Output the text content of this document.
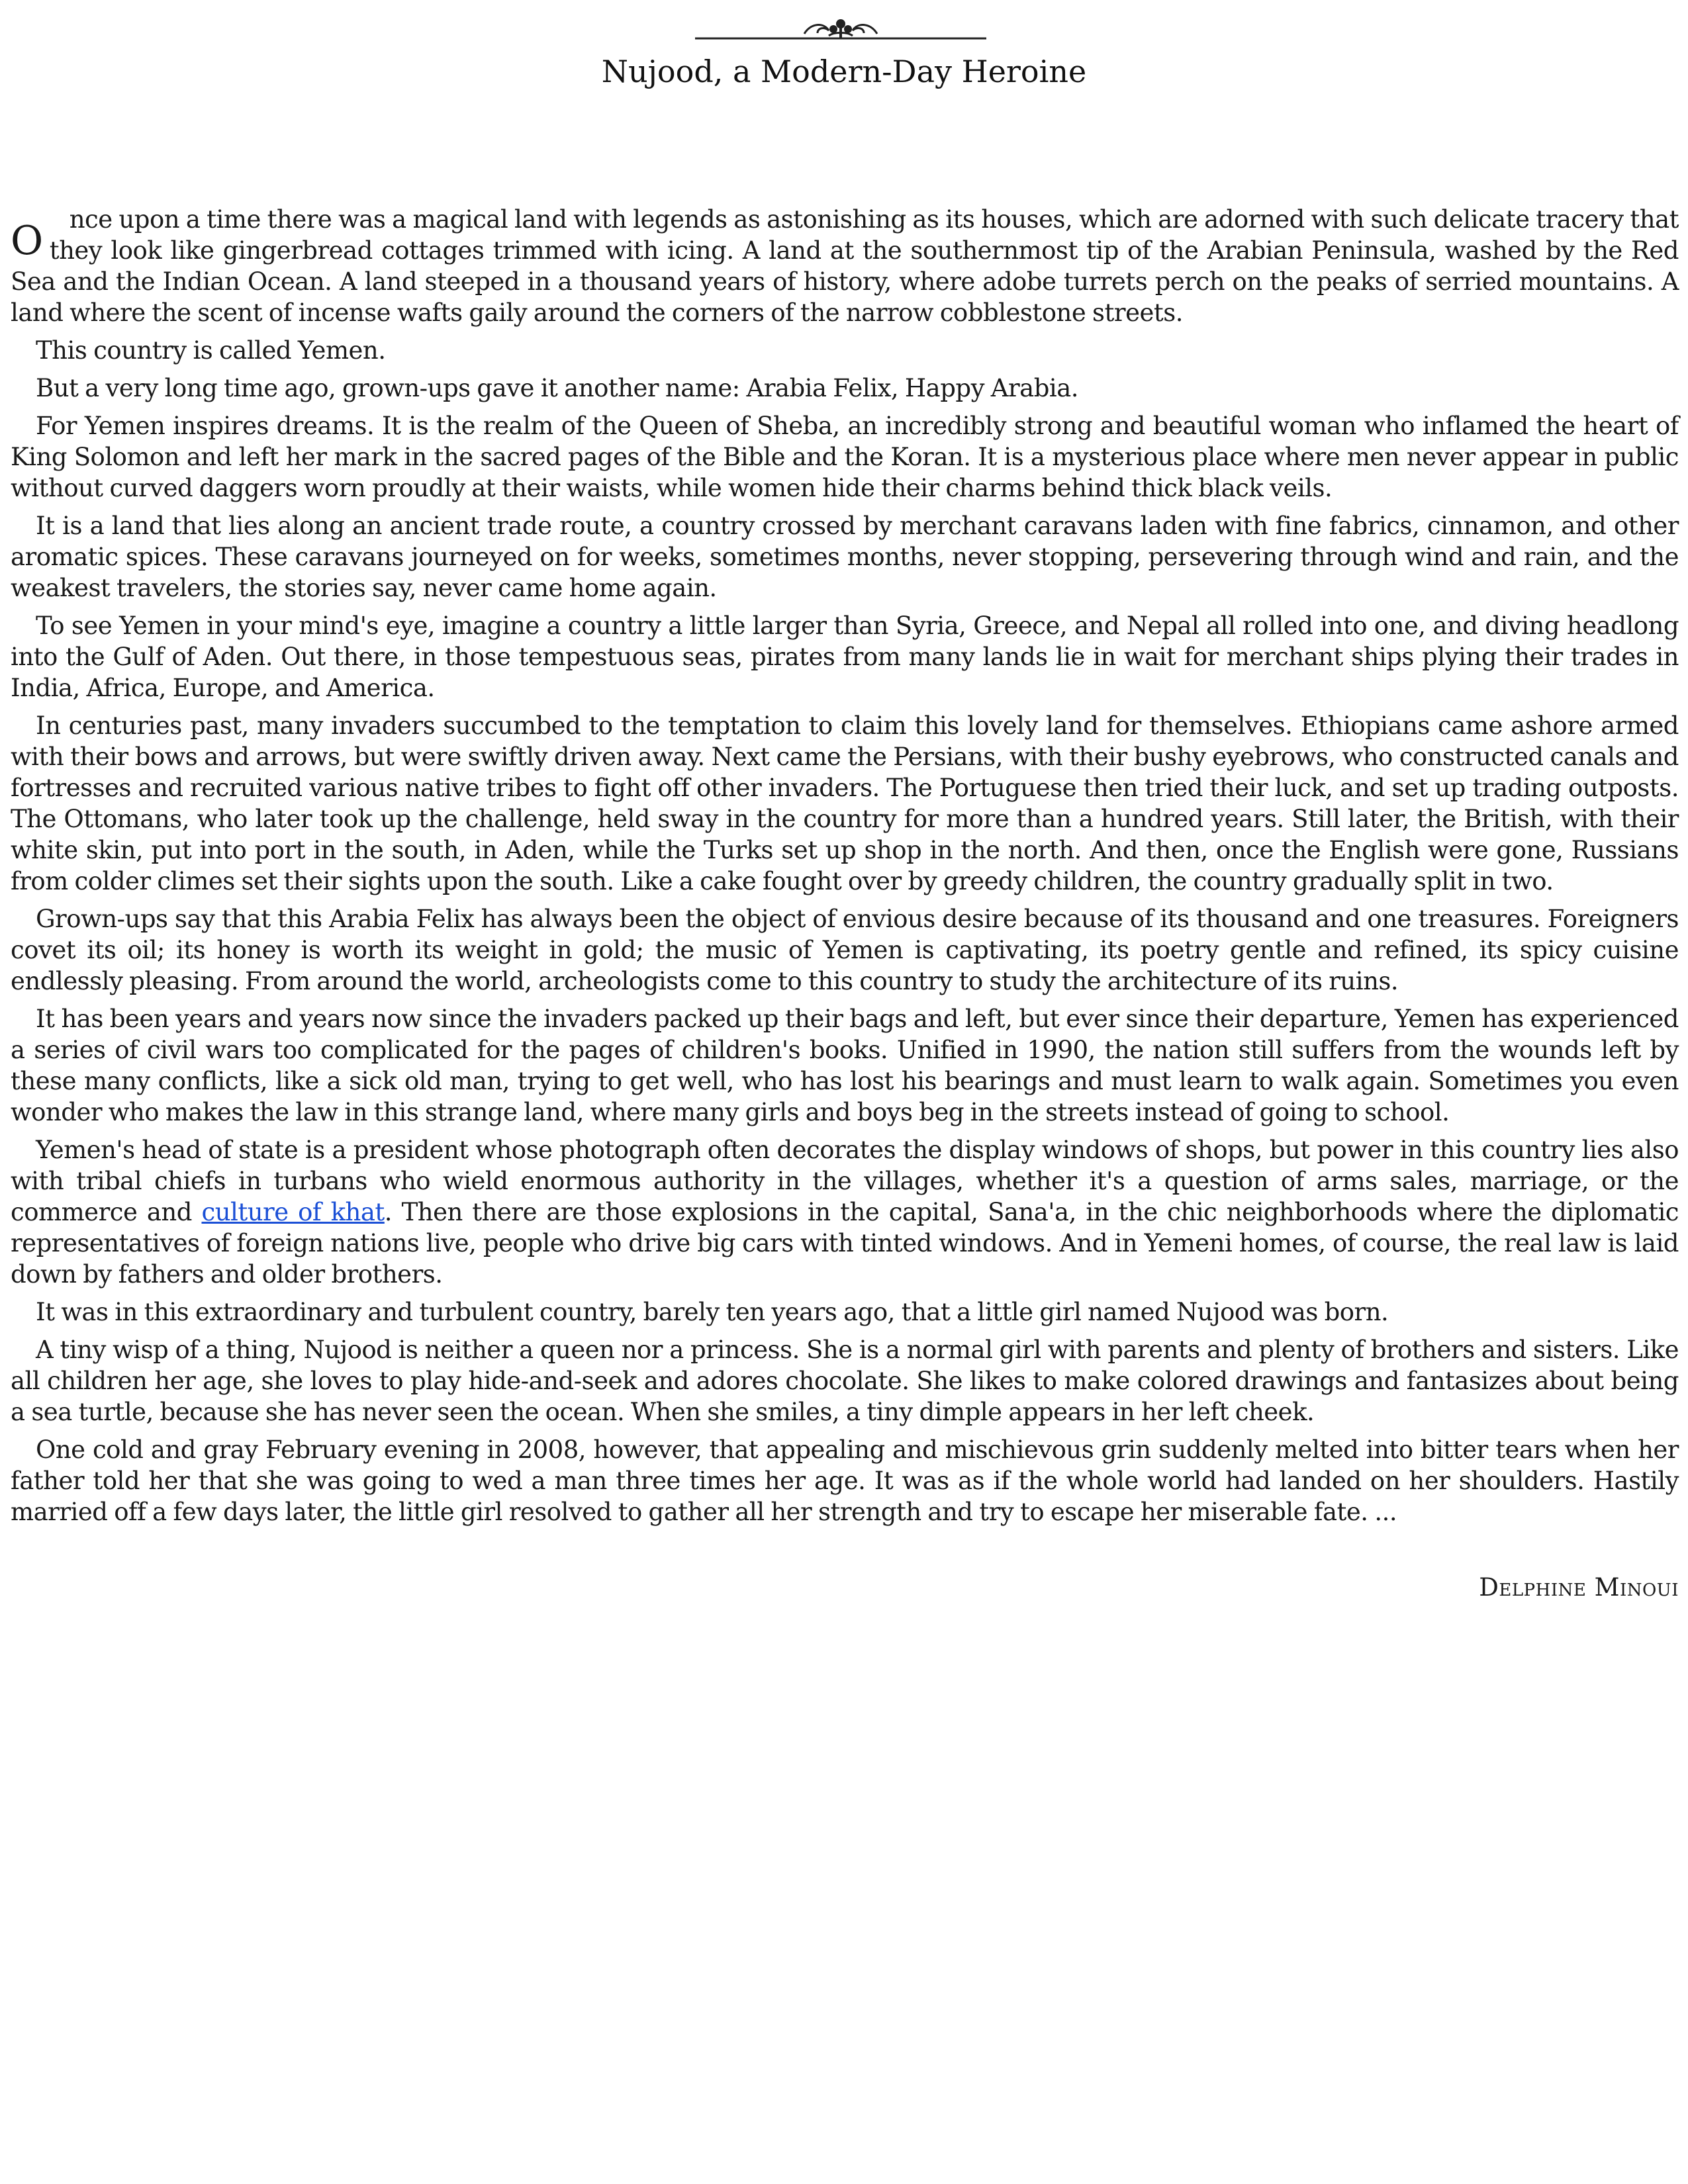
Nujood, a Modern-Day Heroine

O nce upon a time there was a magical land with legends as astonishing as its houses, which are adorned with such delicate tracery that they look like gingerbread cottages trimmed with icing. A land at the southernmost tip of the Arabian Peninsula, washed by the Red Sea and the Indian Ocean. A land steeped in a thousand years of history, where adobe turrets perch on the peaks of serried mountains. A land where the scent of incense wafts gaily around the corners of the narrow cobblestone streets.

This country is called Yemen.

But a very long time ago, grown-ups gave it another name: Arabia Felix, Happy Arabia.

For Yemen inspires dreams. It is the realm of the Queen of Sheba, an incredibly strong and beautiful woman who inflamed the heart of King Solomon and left her mark in the sacred pages of the Bible and the Koran. It is a mysterious place where men never appear in public without curved daggers worn proudly at their waists, while women hide their charms behind thick black veils.

It is a land that lies along an ancient trade route, a country crossed by merchant caravans laden with fine fabrics, cinnamon, and other aromatic spices. These caravans journeyed on for weeks, sometimes months, never stopping, persevering through wind and rain, and the weakest travelers, the stories say, never came home again.

To see Yemen in your mind's eye, imagine a country a little larger than Syria, Greece, and Nepal all rolled into one, and diving headlong into the Gulf of Aden. Out there, in those tempestuous seas, pirates from many lands lie in wait for merchant ships plying their trades in India, Africa, Europe, and America.

In centuries past, many invaders succumbed to the temptation to claim this lovely land for themselves. Ethiopians came ashore armed with their bows and arrows, but were swiftly driven away. Next came the Persians, with their bushy eyebrows, who constructed canals and fortresses and recruited various native tribes to fight off other invaders. The Portuguese then tried their luck, and set up trading outposts. The Ottomans, who later took up the challenge, held sway in the country for more than a hundred years. Still later, the British, with their white skin, put into port in the south, in Aden, while the Turks set up shop in the north. And then, once the English were gone, Russians from colder climes set their sights upon the south. Like a cake fought over by greedy children, the country gradually split in two.

Grown-ups say that this Arabia Felix has always been the object of envious desire because of its thousand and one treasures. Foreigners covet its oil; its honey is worth its weight in gold; the music of Yemen is captivating, its poetry gentle and refined, its spicy cuisine endlessly pleasing. From around the world, archeologists come to this country to study the architecture of its ruins.

It has been years and years now since the invaders packed up their bags and left, but ever since their departure, Yemen has experienced a series of civil wars too complicated for the pages of children's books. Unified in 1990, the nation still suffers from the wounds left by these many conflicts, like a sick old man, trying to get well, who has lost his bearings and must learn to walk again. Sometimes you even wonder who makes the law in this strange land, where many girls and boys beg in the streets instead of going to school.

Yemen's head of state is a president whose photograph often decorates the display windows of shops, but power in this country lies also with tribal chiefs in turbans who wield enormous authority in the villages, whether it's a question of arms sales, marriage, or the commerce and culture of khat. Then there are those explosions in the capital, Sana'a, in the chic neighborhoods where the diplomatic representatives of foreign nations live, people who drive big cars with tinted windows. And in Yemeni homes, of course, the real law is laid down by fathers and older brothers.

It was in this extraordinary and turbulent country, barely ten years ago, that a little girl named Nujood was born.

A tiny wisp of a thing, Nujood is neither a queen nor a princess. She is a normal girl with parents and plenty of brothers and sisters. Like all children her age, she loves to play hide-and-seek and adores chocolate. She likes to make colored drawings and fantasizes about being a sea turtle, because she has never seen the ocean. When she smiles, a tiny dimple appears in her left cheek.

One cold and gray February evening in 2008, however, that appealing and mischievous grin suddenly melted into bitter tears when her father told her that she was going to wed a man three times her age. It was as if the whole world had landed on her shoulders. Hastily married off a few days later, the little girl resolved to gather all her strength and try to escape her miserable fate. ...

Delphine Minoui
